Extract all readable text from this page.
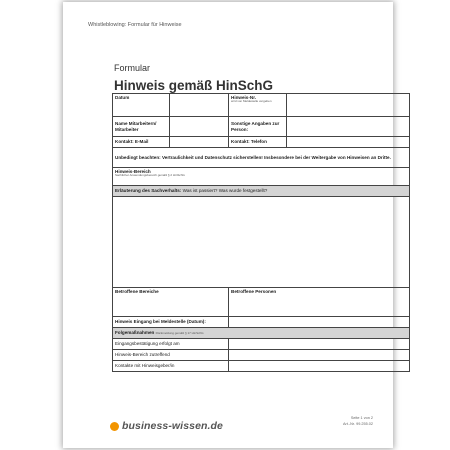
Whistleblowing: Formular für Hinweise
Formular
Hinweis gemäß HinSchG
Datum		Hinweis-Nr.
wird von Meldestelle vergeben	

Name Mitarbeitern/ Mitarbeiter		Sonstige Angaben zur Person:	
Kontakt: E-Mail		Kontakt: Telefon	
Unbedingt beachten: Vertraulichkeit und Datenschutz sicherstellen! Insbesondere bei der Weitergabe von Hinweisen an Dritte.			

Hinweis-Bereich
Sachlicher Anwendungsbereich gemäß § 2 HinSchG			

Erläuterung des Sachverhalts: Was ist passiert? Was wurde festgestellt?			

Betroffene Bereiche		Betroffene Personen	
Hinweis Eingang bei Meldestelle (Datum):			
Folgemaßnahmen Rückmeldung gemäß § 17 HinSchG			
Eingangsbestätigung erfolgt am			
Hinweis-Bereich zutreffend			
Kontakte mit Hinweisgeber/in			
business-wissen.de
Seite 1 von 2
Art.-Nr. 99.255.02
